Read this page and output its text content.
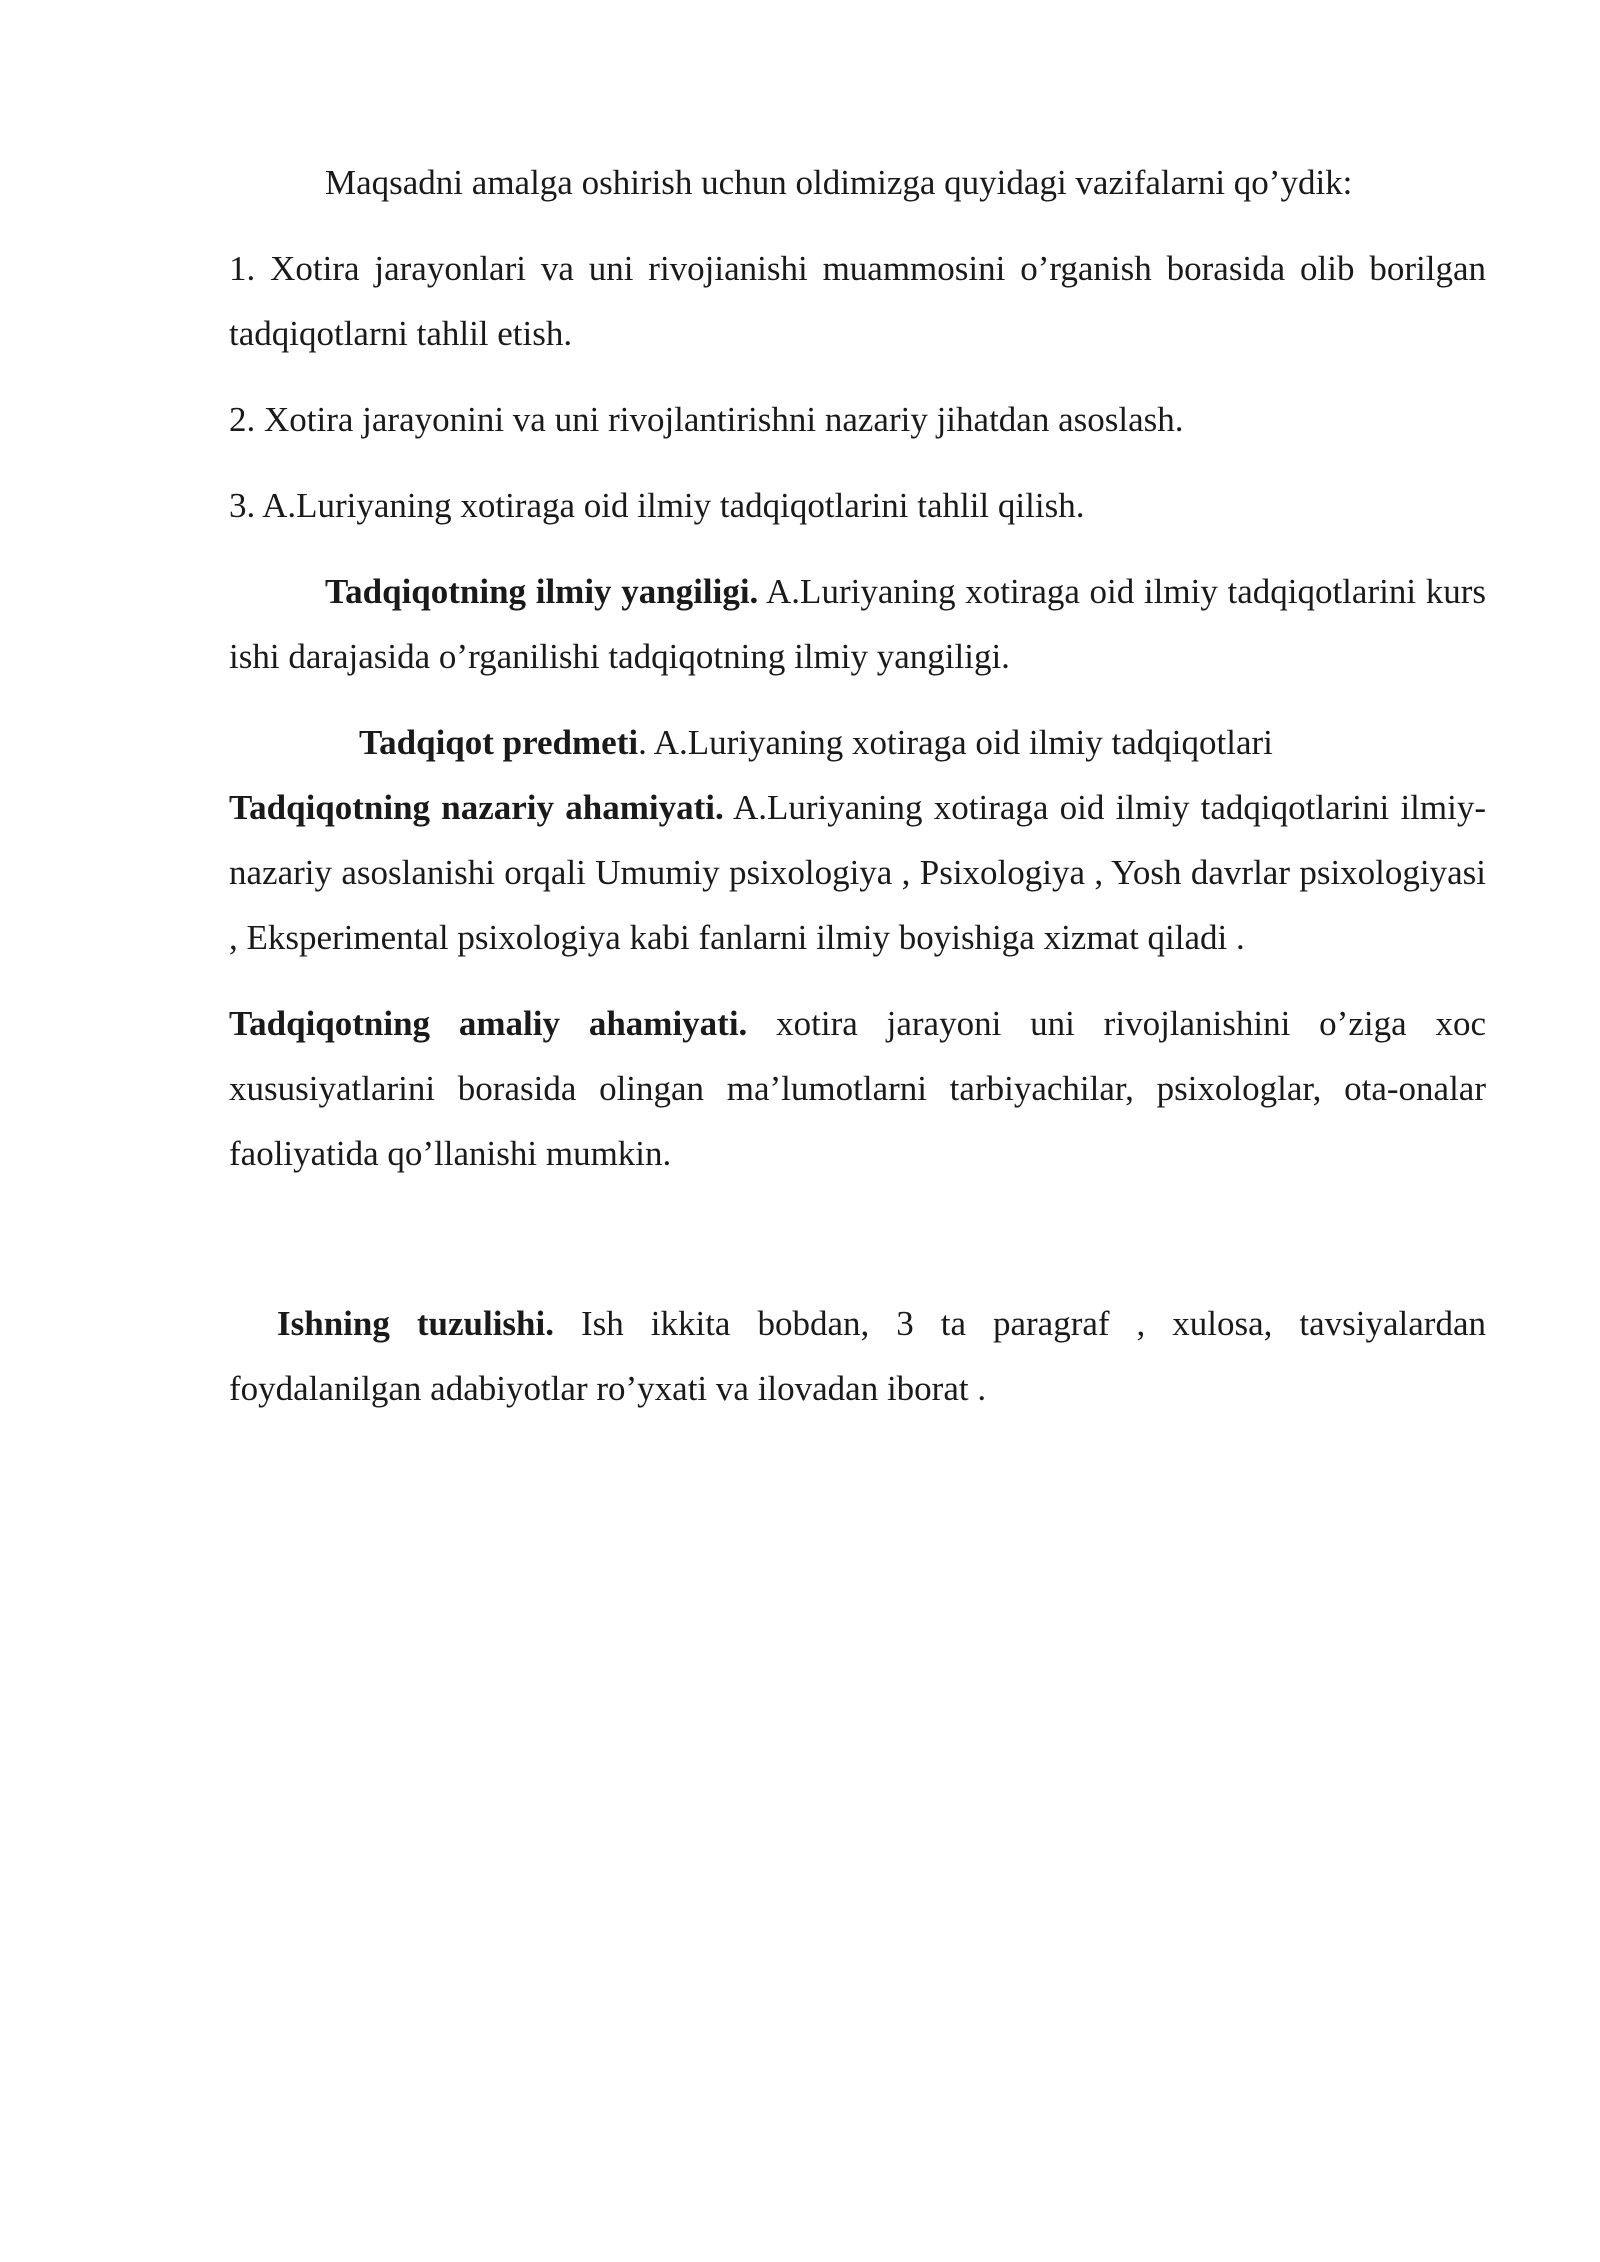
Maqsadni amalga oshirish uchun oldimizga quyidagi vazifalarni qo’ydik:

1. Xotira jarayonlari va uni rivojianishi muammosini o’rganish borasida olib borilgan tadqiqotlarni tahlil etish.

2. Xotira jarayonini va uni rivojlantirishni nazariy jihatdan asoslash.

3. A.Luriyaning xotiraga oid ilmiy tadqiqotlarini tahlil qilish.

Tadqiqotning ilmiy yangiligi. A.Luriyaning xotiraga oid ilmiy tadqiqotlarini kurs ishi darajasida o’rganilishi tadqiqotning ilmiy yangiligi.

Tadqiqot predmeti. A.Luriyaning xotiraga oid ilmiy tadqiqotlari

Tadqiqotning nazariy ahamiyati. A.Luriyaning xotiraga oid ilmiy tadqiqotlarini ilmiy-nazariy asoslanishi orqali Umumiy psixologiya , Psixologiya , Yosh davrlar psixologiyasi , Eksperimental psixologiya kabi fanlarni ilmiy boyishiga xizmat qiladi .

Tadqiqotning amaliy ahamiyati. xotira jarayoni uni rivojlanishini o’ziga xoc xususiyatlarini borasida olingan ma’lumotlarni tarbiyachilar, psixologlar, ota-onalar faoliyatida qo’llanishi mumkin.

Ishning tuzulishi. Ish ikkita bobdan, 3 ta paragraf , xulosa, tavsiyalardan foydalanilgan adabiyotlar ro’yxati va ilovadan iborat .
